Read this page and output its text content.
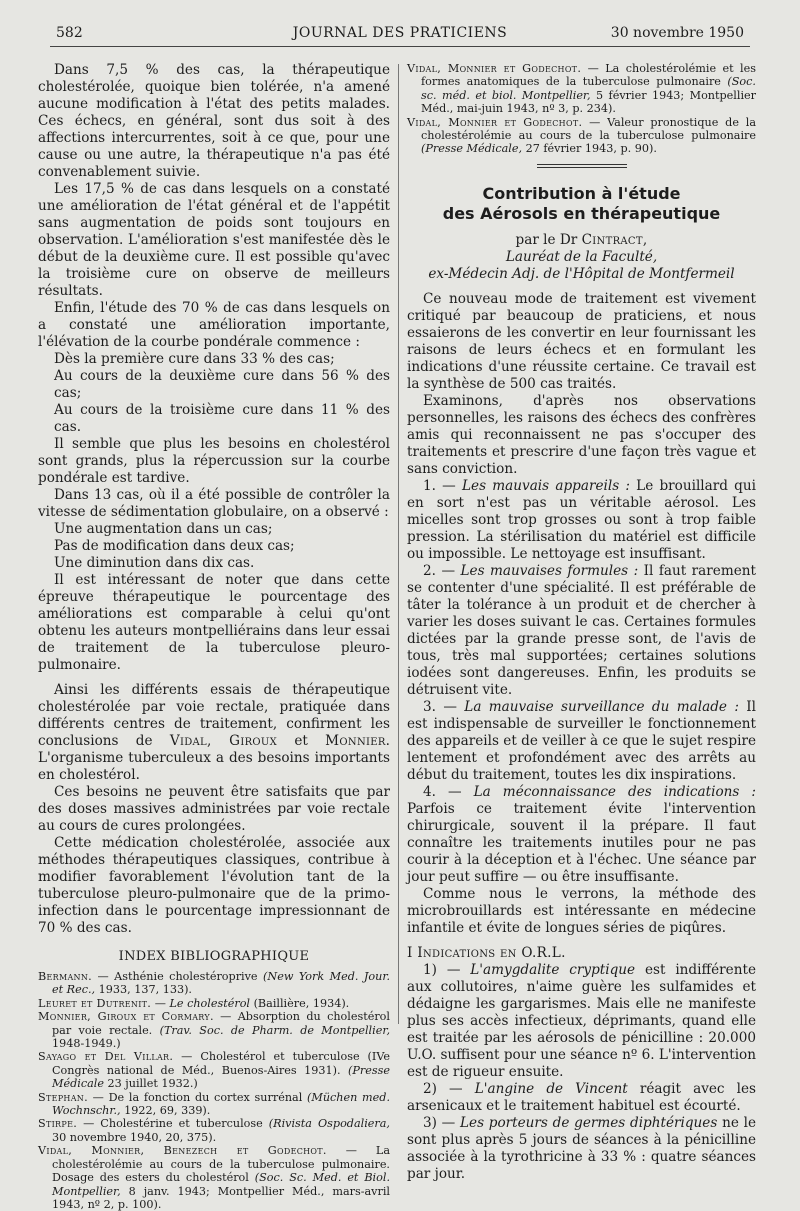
582	JOURNAL DES PRATICIENS	30 novembre 1950

Dans 7,5 % des cas, la thérapeutique cholestérolée, quoique bien tolérée, n'a amené aucune modification à l'état des petits malades. Ces échecs, en général, sont dus soit à des affections intercurrentes, soit à ce que, pour une cause ou une autre, la thérapeutique n'a pas été convenablement suivie.

Les 17,5 % de cas dans lesquels on a constaté une amélioration de l'état général et de l'appétit sans augmentation de poids sont toujours en observation. L'amélioration s'est manifestée dès le début de la deuxième cure. Il est possible qu'avec la troisième cure on observe de meilleurs résultats.

Enfin, l'étude des 70 % de cas dans lesquels on a constaté une amélioration importante, l'élévation de la courbe pondérale commence :

Dès la première cure dans 33 % des cas;

Au cours de la deuxième cure dans 56 % des cas;

Au cours de la troisième cure dans 11 % des cas.

Il semble que plus les besoins en cholestérol sont grands, plus la répercussion sur la courbe pondérale est tardive.

Dans 13 cas, où il a été possible de contrôler la vitesse de sédimentation globulaire, on a observé :

Une augmentation dans un cas;

Pas de modification dans deux cas;

Une diminution dans dix cas.

Il est intéressant de noter que dans cette épreuve thérapeutique le pourcentage des améliorations est comparable à celui qu'ont obtenu les auteurs montpelliérains dans leur essai de traitement de la tuberculose pleuro-pulmonaire.

Ainsi les différents essais de thérapeutique cholestérolée par voie rectale, pratiquée dans différents centres de traitement, confirment les conclusions de Vidal, Giroux et Monnier. L'organisme tuberculeux a des besoins importants en cholestérol.

Ces besoins ne peuvent être satisfaits que par des doses massives administrées par voie rectale au cours de cures prolongées.

Cette médication cholestérolée, associée aux méthodes thérapeutiques classiques, contribue à modifier favorablement l'évolution tant de la tuberculose pleuro-pulmonaire que de la primo-infection dans le pourcentage impressionnant de 70 % des cas.

INDEX BIBLIOGRAPHIQUE

Bermann. — Asthénie cholestéroprive (New York Med. Jour. et Rec., 1933, 137, 133).

Leuret et Dutrenit. — Le cholestérol (Baillière, 1934).

Monnier, Giroux et Cormary. — Absorption du cholestérol par voie rectale. (Trav. Soc. de Pharm. de Montpellier, 1948-1949.)

Sayago et Del Villar. — Cholestérol et tuberculose (IVe Congrès national de Méd., Buenos-Aires 1931). (Presse Médicale 23 juillet 1932.)

Stephan. — De la fonction du cortex surrénal (Müchen med. Wochnschr., 1922, 69, 339).

Stirpe. — Cholestérine et tuberculose (Rivista Ospodaliera, 30 novembre 1940, 20, 375).

Vidal, Monnier, Benezech et Godechot. — La cholestérolémie au cours de la tuberculose pulmonaire. Dosage des esters du cholestérol (Soc. Sc. Med. et Biol. Montpellier, 8 janv. 1943; Montpellier Méd., mars-avril 1943, nº 2, p. 100).

Vidal, Monnier et Godechot. — La cholestérolémie et les formes anatomiques de la tuberculose pulmonaire (Soc. sc. méd. et biol. Montpellier, 5 février 1943; Montpellier Méd., mai-juin 1943, nº 3, p. 234).

Vidal, Monnier et Godechot. — Valeur pronostique de la cholestérolémie au cours de la tuberculose pulmonaire (Presse Médicale, 27 février 1943, p. 90).

Contribution à l'étude
des Aérosols en thérapeutique
par le Dr Cintract,
Lauréat de la Faculté,
ex-Médecin Adj. de l'Hôpital de Montfermeil

Ce nouveau mode de traitement est vivement critiqué par beaucoup de praticiens, et nous essaierons de les convertir en leur fournissant les raisons de leurs échecs et en formulant les indications d'une réussite certaine. Ce travail est la synthèse de 500 cas traités.

Examinons, d'après nos observations personnelles, les raisons des échecs des confrères amis qui reconnaissent ne pas s'occuper des traitements et prescrire d'une façon très vague et sans conviction.

1. — Les mauvais appareils : Le brouillard qui en sort n'est pas un véritable aérosol. Les micelles sont trop grosses ou sont à trop faible pression. La stérilisation du matériel est difficile ou impossible. Le nettoyage est insuffisant.

2. — Les mauvaises formules : Il faut rarement se contenter d'une spécialité. Il est préférable de tâter la tolérance à un produit et de chercher à varier les doses suivant le cas. Certaines formules dictées par la grande presse sont, de l'avis de tous, très mal supportées; certaines solutions iodées sont dangereuses. Enfin, les produits se détruisent vite.

3. — La mauvaise surveillance du malade : Il est indispensable de surveiller le fonctionnement des appareils et de veiller à ce que le sujet respire lentement et profondément avec des arrêts au début du traitement, toutes les dix inspirations.

4. — La méconnaissance des indications : Parfois ce traitement évite l'intervention chirurgicale, souvent il la prépare. Il faut connaître les traitements inutiles pour ne pas courir à la déception et à l'échec. Une séance par jour peut suffire — ou être insuffisante.

Comme nous le verrons, la méthode des microbrouillards est intéressante en médecine infantile et évite de longues séries de piqûres.

I Indications en O.R.L.

1) — L'amygdalite cryptique est indifférente aux collutoires, n'aime guère les sulfamides et dédaigne les gargarismes. Mais elle ne manifeste plus ses accès infectieux, déprimants, quand elle est traitée par les aérosols de pénicilline : 20.000 U.O. suffisent pour une séance nº 6. L'intervention est de rigueur ensuite.

2) — L'angine de Vincent réagit avec les arsenicaux et le traitement habituel est écourté.

3) — Les porteurs de germes diphtériques ne le sont plus après 5 jours de séances à la pénicilline associée à la tyrothricine à 33 % : quatre séances par jour.
